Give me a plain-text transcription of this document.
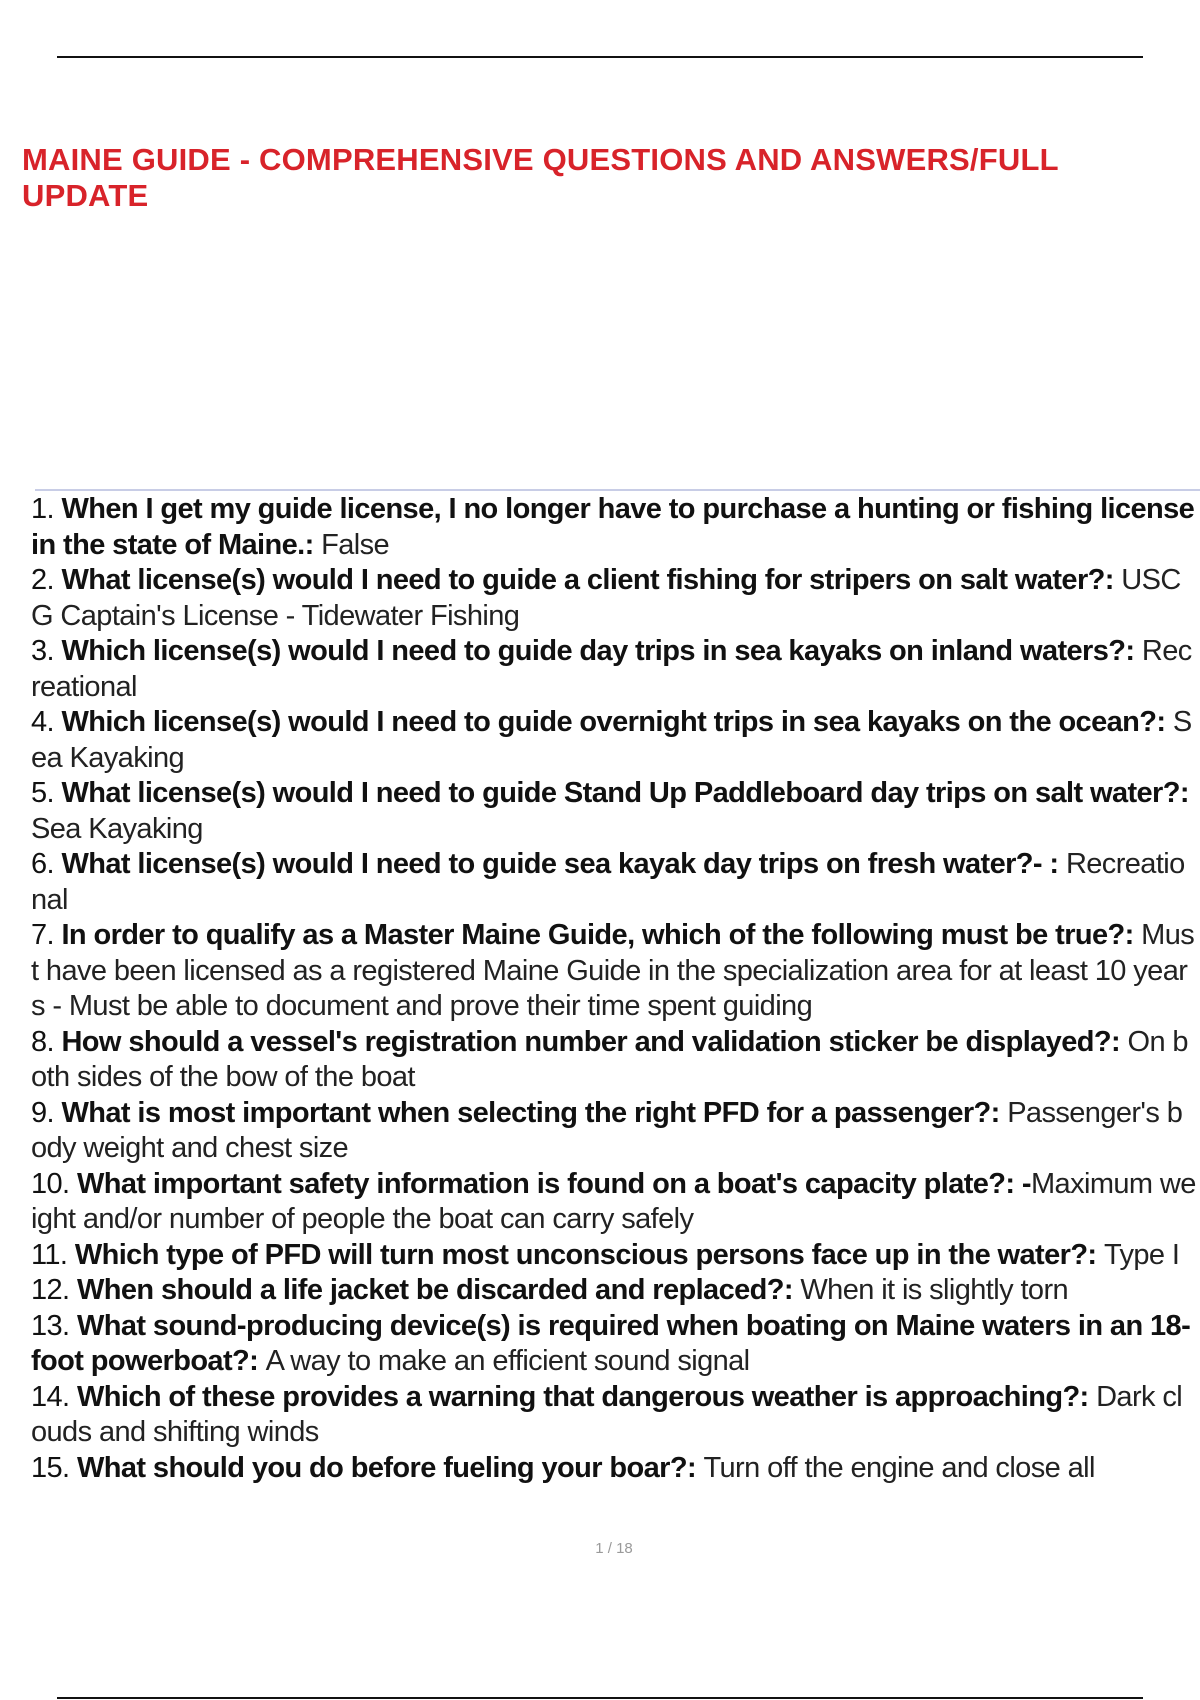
MAINE GUIDE - COMPREHENSIVE QUESTIONS AND ANSWERS/FULL UPDATE
1. When I get my guide license, I no longer have to purchase a hunting or fishing license in the state of Maine.: False
2. What license(s) would I need to guide a client fishing for stripers on salt water?: USCG Captain's License - Tidewater Fishing
3. Which license(s) would I need to guide day trips in sea kayaks on inland waters?: Recreational
4. Which license(s) would I need to guide overnight trips in sea kayaks on the ocean?: Sea Kayaking
5. What license(s) would I need to guide Stand Up Paddleboard day trips on salt water?: Sea Kayaking
6. What license(s) would I need to guide sea kayak day trips on fresh water?- : Recreational
7. In order to qualify as a Master Maine Guide, which of the following must be true?: Must have been licensed as a registered Maine Guide in the specialization area for at least 10 years - Must be able to document and prove their time spent guiding
8. How should a vessel's registration number and validation sticker be displayed?: On both sides of the bow of the boat
9. What is most important when selecting the right PFD for a passenger?: Passenger's body weight and chest size
10. What important safety information is found on a boat's capacity plate?: -Maximum weight and/or number of people the boat can carry safely
11. Which type of PFD will turn most unconscious persons face up in the water?: Type I
12. When should a life jacket be discarded and replaced?: When it is slightly torn
13. What sound-producing device(s) is required when boating on Maine waters in an 18-foot powerboat?: A way to make an efficient sound signal
14. Which of these provides a warning that dangerous weather is approaching?: Dark clouds and shifting winds
15. What should you do before fueling your boar?: Turn off the engine and close all
1 / 18
